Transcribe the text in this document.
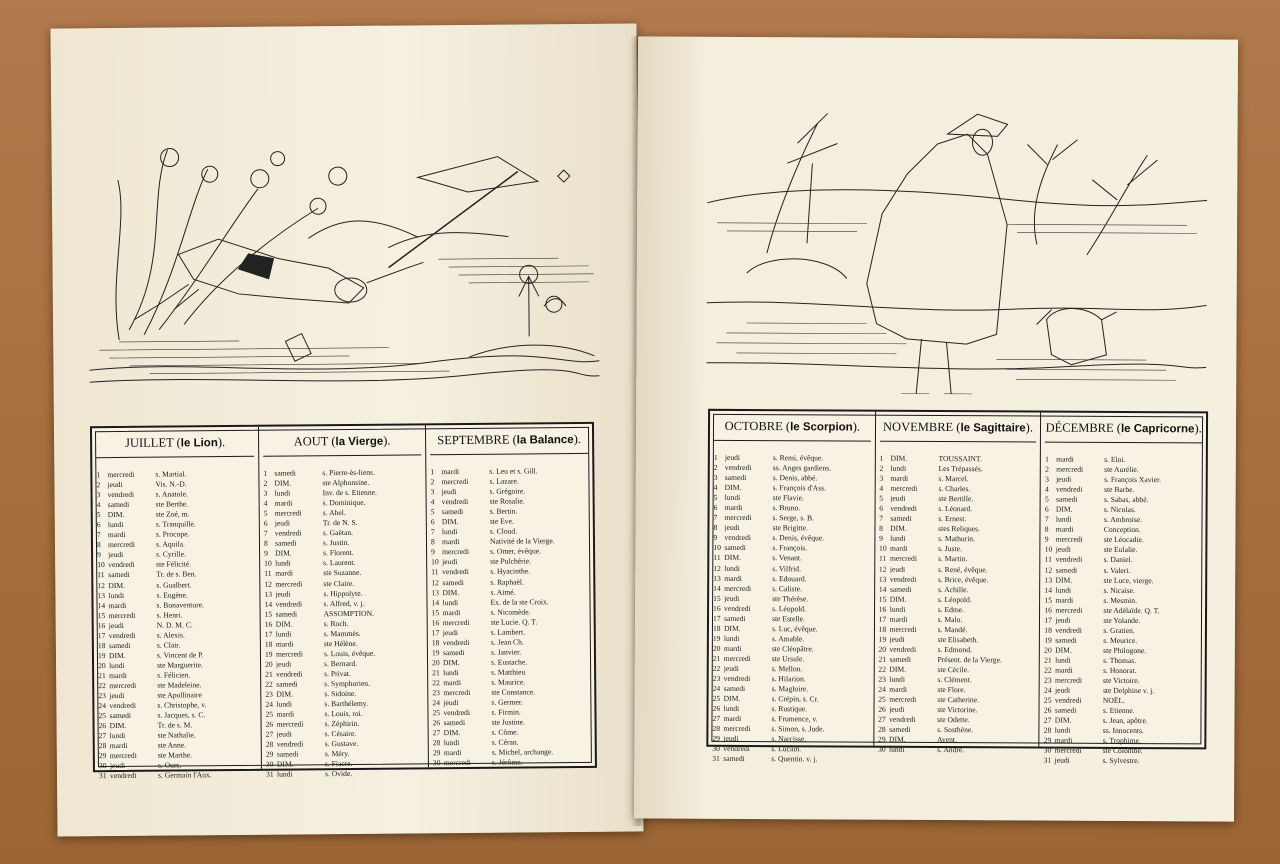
JUILLET (le Lion).
1 mercredi	s. Martial.
2 jeudi	Vis. N.-D.
3 vendredi	s. Anatole.
4 samedi	ste Berthe.
5 DIM.	ste Zoé, m.
6 lundi	s. Tranquille.
7 mardi	s. Procope.
8 mercredi	s. Aquila.
9 jeudi	s. Cyrille.
10 vendredi	ste Félicité.
11 samedi	Tr. de s. Ben.
12 DIM.	s. Gualbert.
13 lundi	s. Eugène.
14 mardi	s. Bonaventure.
15 mercredi	s. Henri.
16 jeudi	N. D. M. C.
17 vendredi	s. Alexis.
18 samedi	s. Clair.
19 DIM.	s. Vincent de P.
20 lundi	ste Marguerite.
21 mardi	s. Félicien.
22 mercredi	ste Madeleine.
23 jeudi	ste Apollinaire
24 vendredi	s. Christophe, v.
25 samedi	s. Jacques, s. C.
26 DIM.	Tr. de s. M.
27 lundi	ste Nathalie.
28 mardi	ste Anne.
29 mercredi	ste Marthe.
30 jeudi	s. Ours.
31 vendredi	s. Germain l'Aux.
AOUT (la Vierge).
1 samedi	s. Pierre-ès-liens.
2 DIM.	ste Alphonsine.
3 lundi	Inv. de s. Etienne.
4 mardi	s. Dominique.
5 mercredi	s. Abel.
6 jeudi	Tr. de N. S.
7 vendredi	s. Gaëtan.
8 samedi	s. Justin.
9 DIM.	s. Florent.
10 lundi	s. Laurent.
11 mardi	ste Suzanne.
12 mercredi	ste Claire.
13 jeudi	s. Hippolyte.
14 vendredi	s. Alfred, v. j.
15 samedi	ASSOMPTION.
16 DIM.	s. Roch.
17 lundi	s. Mammès.
18 mardi	ste Hélène.
19 mercredi	s. Louis, évêque.
20 jeudi	s. Bernard.
21 vendredi	s. Privat.
22 samedi	s. Symphorien.
23 DIM.	s. Sidoine.
24 lundi	s. Barthélemy.
25 mardi	s. Louis, roi.
26 mercredi	s. Zéphirin.
27 jeudi	s. Césaire.
28 vendredi	s. Gustave.
29 samedi	s. Méry.
30 DIM.	s. Fiacre.
31 lundi	s. Ovide.
SEPTEMBRE (la Balance).
1 mardi	s. Leu et s. Gill.
2 mercredi	s. Lazare.
3 jeudi	s. Grégoire.
4 vendredi	ste Rosalie.
5 samedi	s. Bertin.
6 DIM.	ste Eve.
7 lundi	s. Cloud.
8 mardi	Nativité de la Vierge.
9 mercredi	s. Omer, évêque.
10 jeudi	ste Pulchérie.
11 vendredi	s. Hyacinthe.
12 samedi	s. Raphaël.
13 DIM.	s. Aimé.
14 lundi	Ex. de la ste Croix.
15 mardi	s. Nicomède.
16 mercredi	ste Lucie. Q. T.
17 jeudi	s. Lambert.
18 vendredi	s. Jean Ch.
19 samedi	s. Janvier.
20 DIM.	s. Eustache.
21 lundi	s. Matthieu
22 mardi	s. Maurice.
23 mercredi	ste Constance.
24 jeudi	s. Germer.
25 vendredi	s. Firmin.
26 samedi	ste Justine.
27 DIM.	s. Côme.
28 lundi	s. Céran.
29 mardi	s. Michel, archange.
30 mercredi	s. Jérôme.
OCTOBRE (le Scorpion).
1 jeudi	s. Remi, évêque.
2 vendredi	ss. Anges gardiens.
3 samedi	s. Denis, abbé.
4 DIM.	s. François d'Ass.
5 lundi	ste Flavie.
6 mardi	s. Bruno.
7 mercredi	s. Serge, s. B.
8 jeudi	ste Brigitte.
9 vendredi	s. Denis, évêque.
10 samedi	s. François.
11 DIM.	s. Venant.
12 lundi	s. Vilfrid.
13 mardi	s. Edouard.
14 mercredi	s. Caliste.
15 jeudi	ste Thérèse.
16 vendredi	s. Léopold.
17 samedi	ste Estelle.
18 DIM.	s. Luc, évêque.
19 lundi	s. Amable.
20 mardi	ste Cléopâtre.
21 mercredi	ste Ursule.
22 jeudi	s. Mellon.
23 vendredi	s. Hilarion.
24 samedi	s. Magloire.
25 DIM.	s. Crépin, s. Cr.
26 lundi	s. Rustique.
27 mardi	s. Frumence, v.
28 mercredi	s. Simon, s. Jude.
29 jeudi	s. Narcisse.
30 vendredi	s. Lucain.
31 samedi	s. Quentin. v. j.
NOVEMBRE (le Sagittaire).
1 DIM.	TOUSSAINT.
2 lundi	Les Trépassés.
3 mardi	s. Marcel.
4 mercredi	s. Charles.
5 jeudi	ste Bertille.
6 vendredi	s. Léonard.
7 samedi	s. Ernest.
8 DIM.	stes Reliques.
9 lundi	s. Mathurin.
10 mardi	s. Juste.
11 mercredi	s. Martin.
12 jeudi	s. René, évêque.
13 vendredi	s. Brice, évêque.
14 samedi	s. Achille.
15 DIM.	s. Léopold.
16 lundi	s. Edme.
17 mardi	s. Malo.
18 mercredi	s. Mandé.
19 jeudi	ste Elisabeth.
20 vendredi	s. Edmond.
21 samedi	Présent. de la Vierge.
22 DIM.	ste Cécile.
23 lundi	s. Clément.
24 mardi	ste Flore.
25 mercredi	ste Catherine.
26 jeudi	ste Victorine.
27 vendredi	ste Odette.
28 samedi	s. Sosthène.
29 DIM.	Avent.
30 lundi	s. André.
DÉCEMBRE (le Capricorne).
1 mardi	s. Eloi.
2 mercredi	ste Aurélie.
3 jeudi	s. François Xavier.
4 vendredi	ste Barbe.
5 samedi	s. Sabas, abbé.
6 DIM.	s. Nicolas.
7 lundi	s. Ambroise.
8 mardi	Conception.
9 mercredi	ste Léocadie.
10 jeudi	ste Eulalie.
11 vendredi	s. Daniel.
12 samedi	s. Valeri.
13 DIM.	ste Luce, vierge.
14 lundi	s. Nicaise.
15 mardi	s. Mesmin.
16 mercredi	ste Adélaïde. Q. T.
17 jeudi	ste Yolande.
18 vendredi	s. Gratien.
19 samedi	s. Meurice.
20 DIM.	ste Philogone.
21 lundi	s. Thomas.
22 mardi	s. Honorat.
23 mercredi	ste Victoire.
24 jeudi	ste Delphine v. j.
25 vendredi	NOËL.
26 samedi	s. Etienne.
27 DIM.	s. Jean, apôtre.
28 lundi	ss. Innocents.
29 mardi	s. Trophime.
30 mercredi	ste Colombe.
31 jeudi	s. Sylvestre.
